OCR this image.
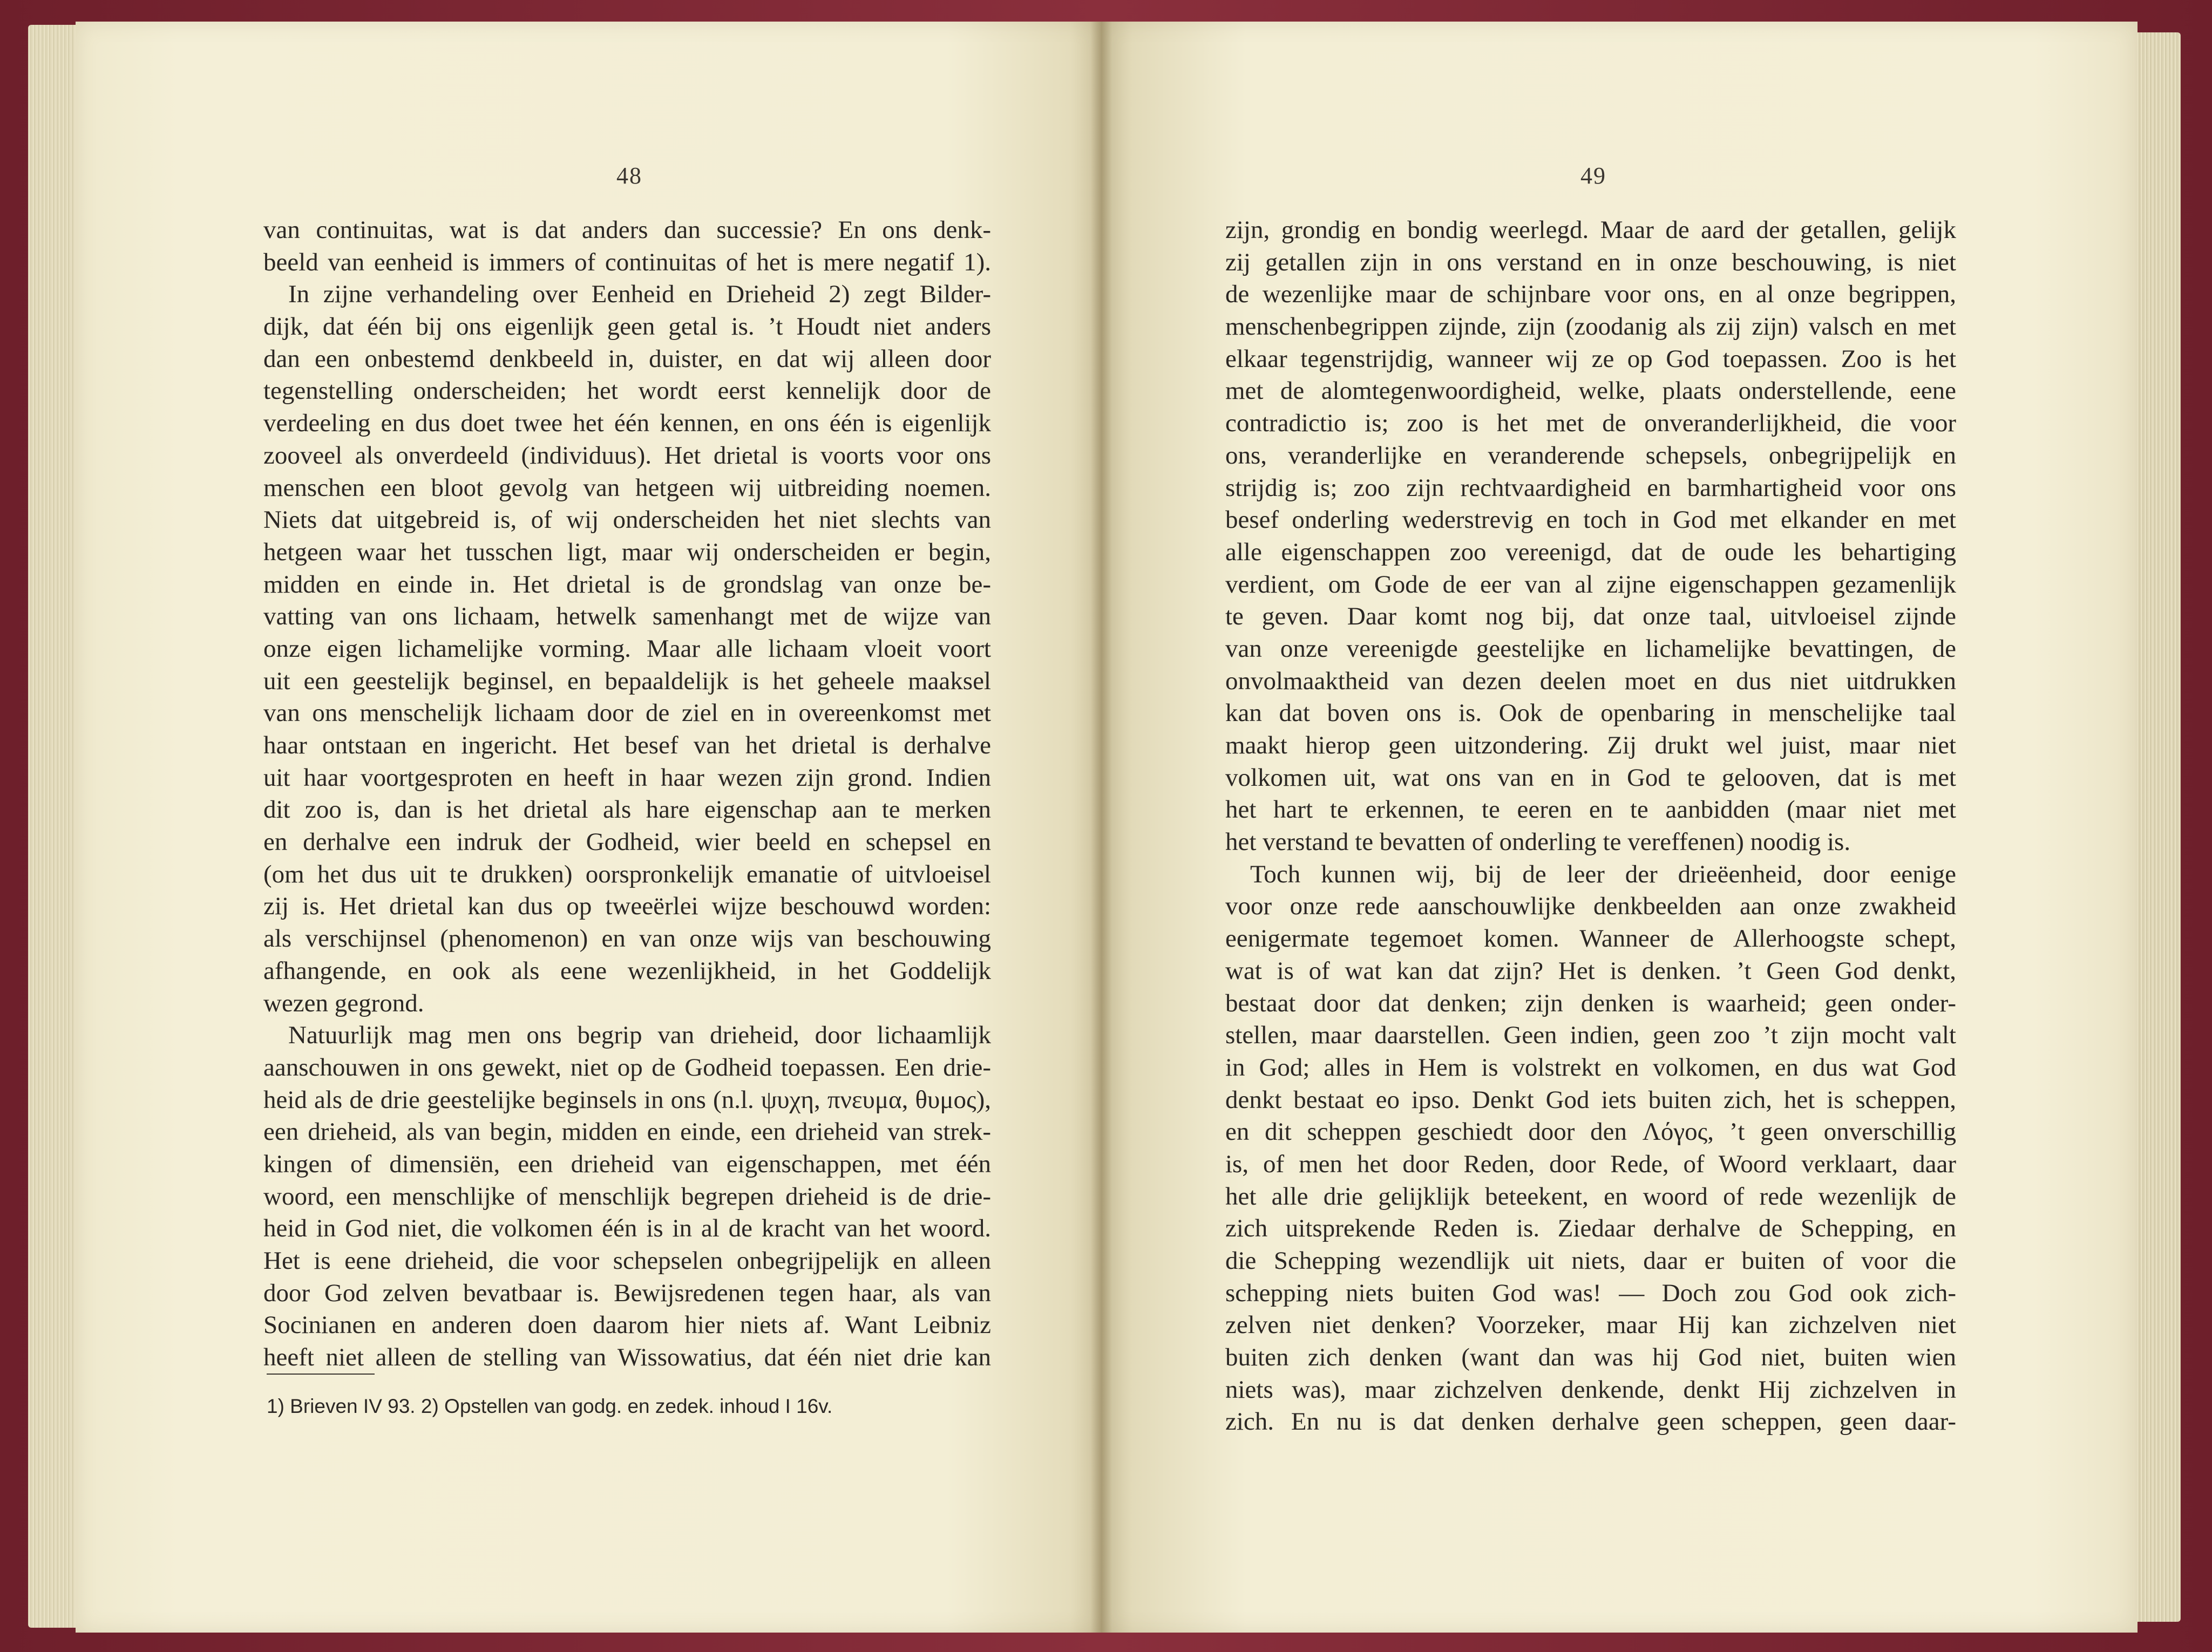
48	49
van continuitas, wat is dat anders dan successie? En ons denk-
beeld van eenheid is immers of continuitas of het is mere negatif 1).
In zijne verhandeling over Eenheid en Drieheid 2) zegt Bilder-
dijk, dat één bij ons eigenlijk geen getal is. ’t Houdt niet anders
dan een onbestemd denkbeeld in, duister, en dat wij alleen door
tegenstelling onderscheiden; het wordt eerst kennelijk door de
verdeeling en dus doet twee het één kennen, en ons één is eigenlijk
zooveel als onverdeeld (individuus). Het drietal is voorts voor ons
menschen een bloot gevolg van hetgeen wij uitbreiding noemen.
Niets dat uitgebreid is, of wij onderscheiden het niet slechts van
hetgeen waar het tusschen ligt, maar wij onderscheiden er begin,
midden en einde in. Het drietal is de grondslag van onze be-
vatting van ons lichaam, hetwelk samenhangt met de wijze van
onze eigen lichamelijke vorming. Maar alle lichaam vloeit voort
uit een geestelijk beginsel, en bepaaldelijk is het geheele maaksel
van ons menschelijk lichaam door de ziel en in overeenkomst met
haar ontstaan en ingericht. Het besef van het drietal is derhalve
uit haar voortgesproten en heeft in haar wezen zijn grond. Indien
dit zoo is, dan is het drietal als hare eigenschap aan te merken
en derhalve een indruk der Godheid, wier beeld en schepsel en
(om het dus uit te drukken) oorspronkelijk emanatie of uitvloeisel
zij is. Het drietal kan dus op tweeërlei wijze beschouwd worden:
als verschijnsel (phenomenon) en van onze wijs van beschouwing
afhangende, en ook als eene wezenlijkheid, in het Goddelijk
wezen gegrond.
Natuurlijk mag men ons begrip van drieheid, door lichaamlijk
aanschouwen in ons gewekt, niet op de Godheid toepassen. Een drie-
heid als de drie geestelijke beginsels in ons (n.l. ψυχη, πνευμα, θυμος),
een drieheid, als van begin, midden en einde, een drieheid van strek-
kingen of dimensiën, een drieheid van eigenschappen, met één
woord, een menschlijke of menschlijk begrepen drieheid is de drie-
heid in God niet, die volkomen één is in al de kracht van het woord.
Het is eene drieheid, die voor schepselen onbegrijpelijk en alleen
door God zelven bevatbaar is. Bewijsredenen tegen haar, als van
Socinianen en anderen doen daarom hier niets af. Want Leibniz
heeft niet alleen de stelling van Wissowatius, dat één niet drie kan
zijn, grondig en bondig weerlegd. Maar de aard der getallen, gelijk
zij getallen zijn in ons verstand en in onze beschouwing, is niet
de wezenlijke maar de schijnbare voor ons, en al onze begrippen,
menschenbegrippen zijnde, zijn (zoodanig als zij zijn) valsch en met
elkaar tegenstrijdig, wanneer wij ze op God toepassen. Zoo is het
met de alomtegenwoordigheid, welke, plaats onderstellende, eene
contradictio is; zoo is het met de onveranderlijkheid, die voor
ons, veranderlijke en veranderende schepsels, onbegrijpelijk en
strijdig is; zoo zijn rechtvaardigheid en barmhartigheid voor ons
besef onderling wederstrevig en toch in God met elkander en met
alle eigenschappen zoo vereenigd, dat de oude les behartiging
verdient, om Gode de eer van al zijne eigenschappen gezamenlijk
te geven. Daar komt nog bij, dat onze taal, uitvloeisel zijnde
van onze vereenigde geestelijke en lichamelijke bevattingen, de
onvolmaaktheid van dezen deelen moet en dus niet uitdrukken
kan dat boven ons is. Ook de openbaring in menschelijke taal
maakt hierop geen uitzondering. Zij drukt wel juist, maar niet
volkomen uit, wat ons van en in God te gelooven, dat is met
het hart te erkennen, te eeren en te aanbidden (maar niet met
het verstand te bevatten of onderling te vereffenen) noodig is.
Toch kunnen wij, bij de leer der drieëenheid, door eenige
voor onze rede aanschouwlijke denkbeelden aan onze zwakheid
eenigermate tegemoet komen. Wanneer de Allerhoogste schept,
wat is of wat kan dat zijn? Het is denken. ’t Geen God denkt,
bestaat door dat denken; zijn denken is waarheid; geen onder-
stellen, maar daarstellen. Geen indien, geen zoo ’t zijn mocht valt
in God; alles in Hem is volstrekt en volkomen, en dus wat God
denkt bestaat eo ipso. Denkt God iets buiten zich, het is scheppen,
en dit scheppen geschiedt door den Λόγος, ’t geen onverschillig
is, of men het door Reden, door Rede, of Woord verklaart, daar
het alle drie gelijklijk beteekent, en woord of rede wezenlijk de
zich uitsprekende Reden is. Ziedaar derhalve de Schepping, en
die Schepping wezendlijk uit niets, daar er buiten of voor die
schepping niets buiten God was! — Doch zou God ook zich-
zelven niet denken? Voorzeker, maar Hij kan zichzelven niet
buiten zich denken (want dan was hij God niet, buiten wien
niets was), maar zichzelven denkende, denkt Hij zichzelven in
zich. En nu is dat denken derhalve geen scheppen, geen daar-
1) Brieven IV 93. 2) Opstellen van godg. en zedek. inhoud I 16v.
